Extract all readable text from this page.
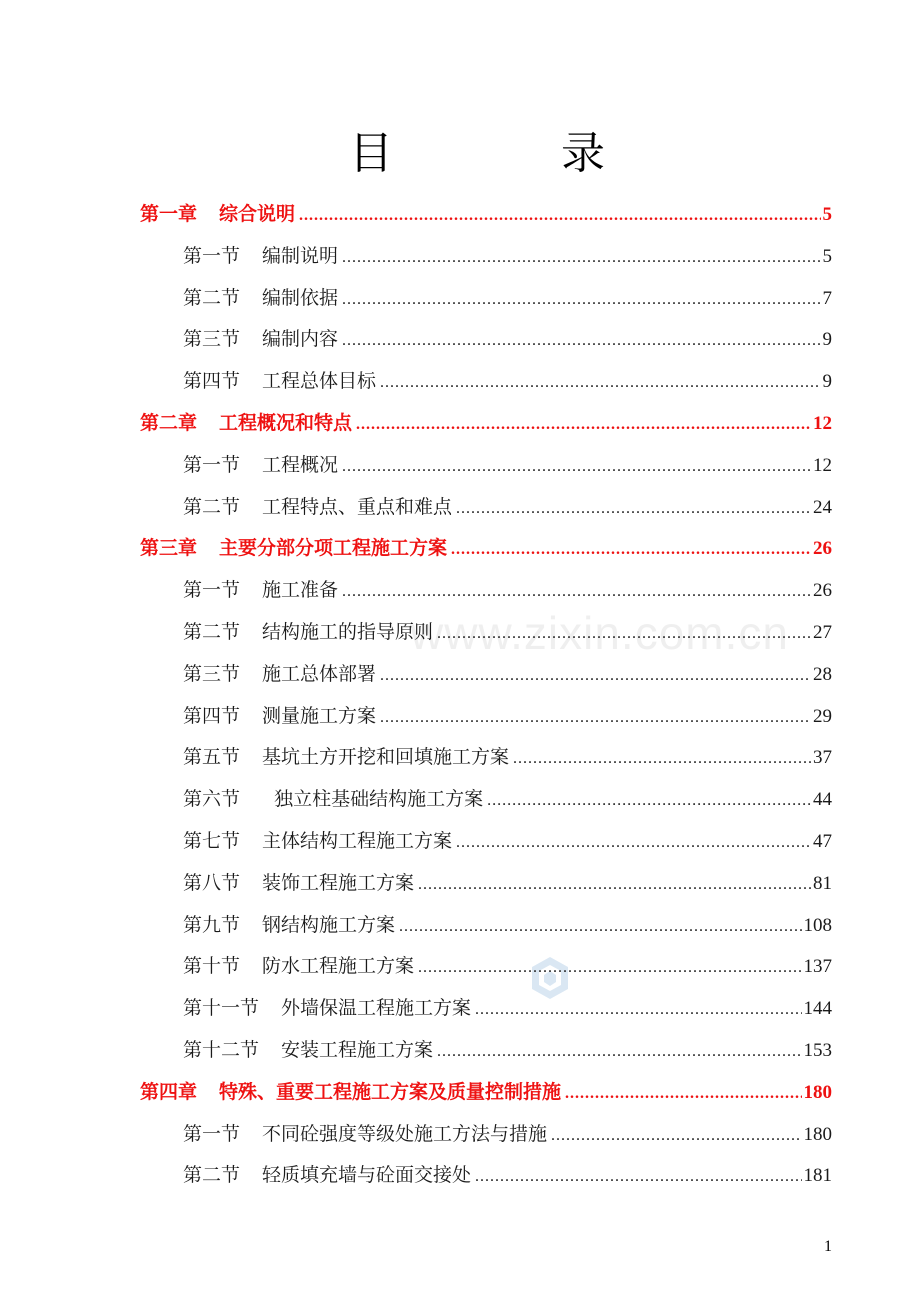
目　录
www.zixin.com.cn
第一章 综合说明 .....	5
第一节 编制说明 .....	5
第二节 编制依据 .....	7
第三节 编制内容 .....	9
第四节 工程总体目标 .....	9
第二章 工程概况和特点 .....	12
第一节 工程概况 .....	12
第二节 工程特点、重点和难点 .....	24
第三章 主要分部分项工程施工方案 .....	26
第一节 施工准备 .....	26
第二节 结构施工的指导原则 .....	27
第三节 施工总体部署 .....	28
第四节 测量施工方案 .....	29
第五节 基坑土方开挖和回填施工方案 .....	37
第六节  独立柱基础结构施工方案 .....	44
第七节 主体结构工程施工方案 .....	47
第八节 装饰工程施工方案 .....	81
第九节 钢结构施工方案 .....	108
第十节 防水工程施工方案 .....	137
第十一节 外墙保温工程施工方案 .....	144
第十二节 安装工程施工方案 .....	153
第四章 特殊、重要工程施工方案及质量控制措施 .....	180
第一节 不同砼强度等级处施工方法与措施 .....	180
第二节 轻质填充墙与砼面交接处 .....	181
1
